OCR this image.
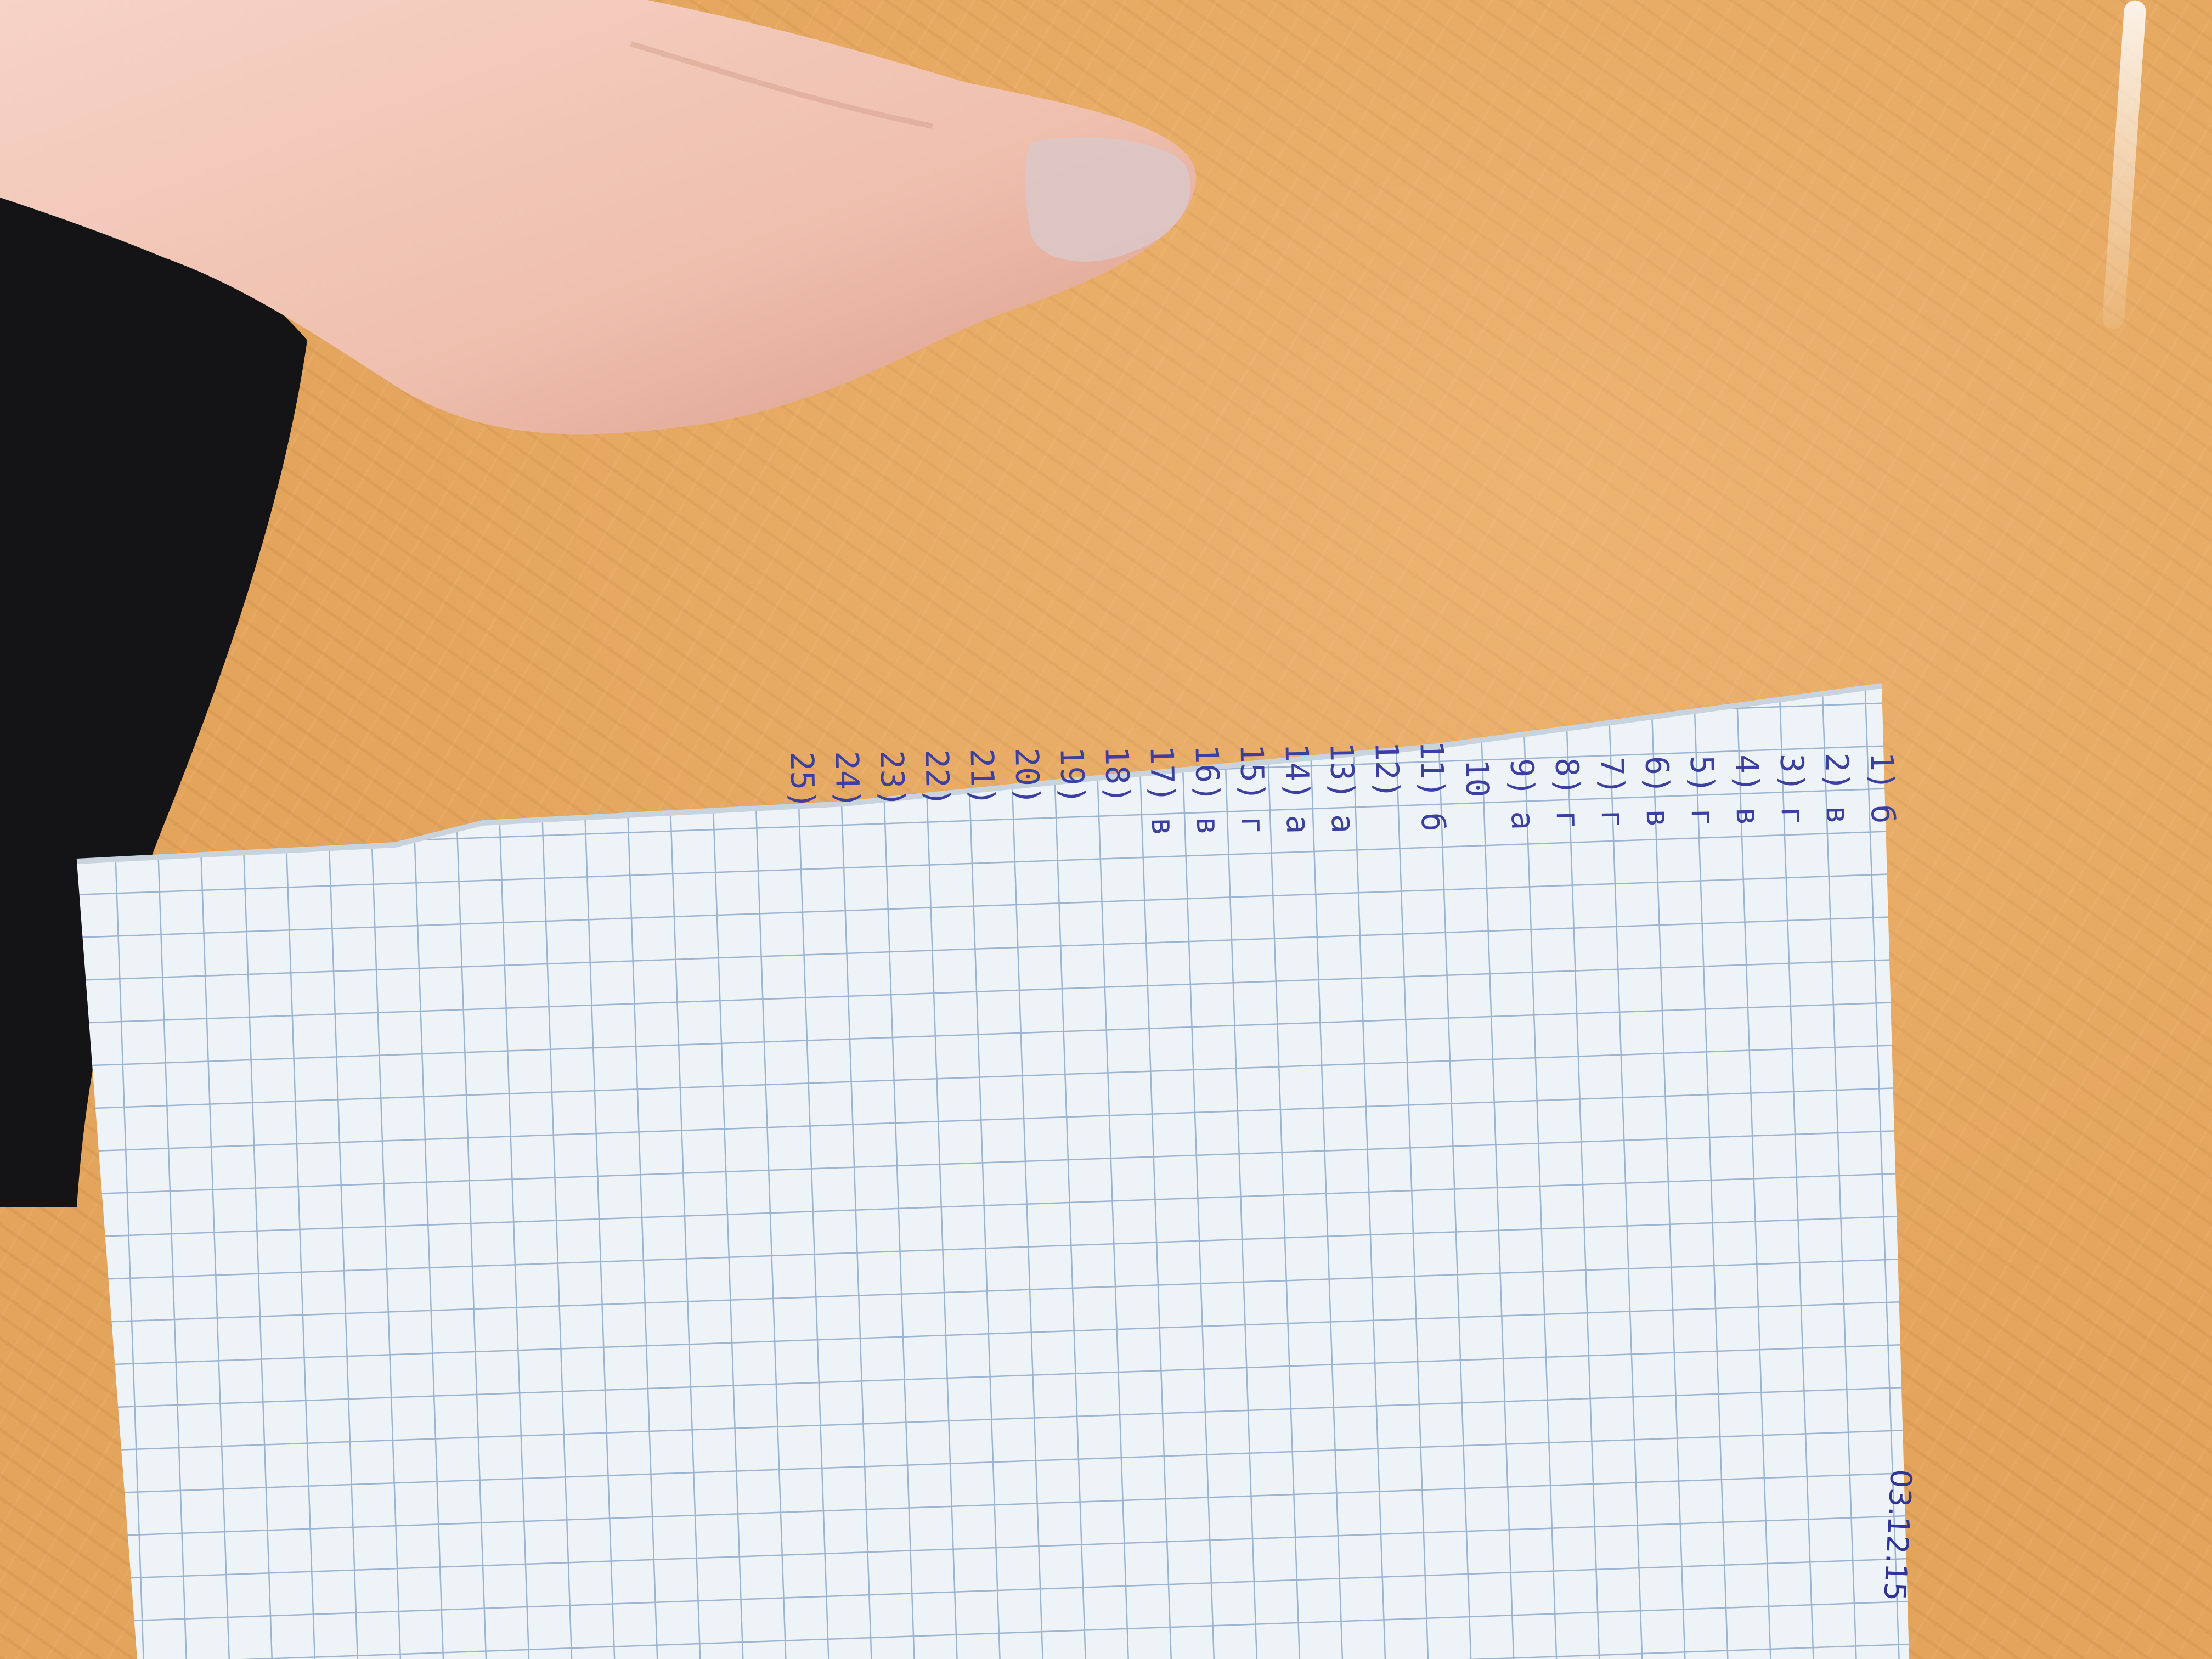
1)б
2)в
3)г
4)в
5)г
6)в
7)г
8)г
9)а
10
11)б
12)
13)а
14)а
15)г
16)в
17)в
18)
19)
20)
21)
22)
23)
24)
25)
03.12.15
